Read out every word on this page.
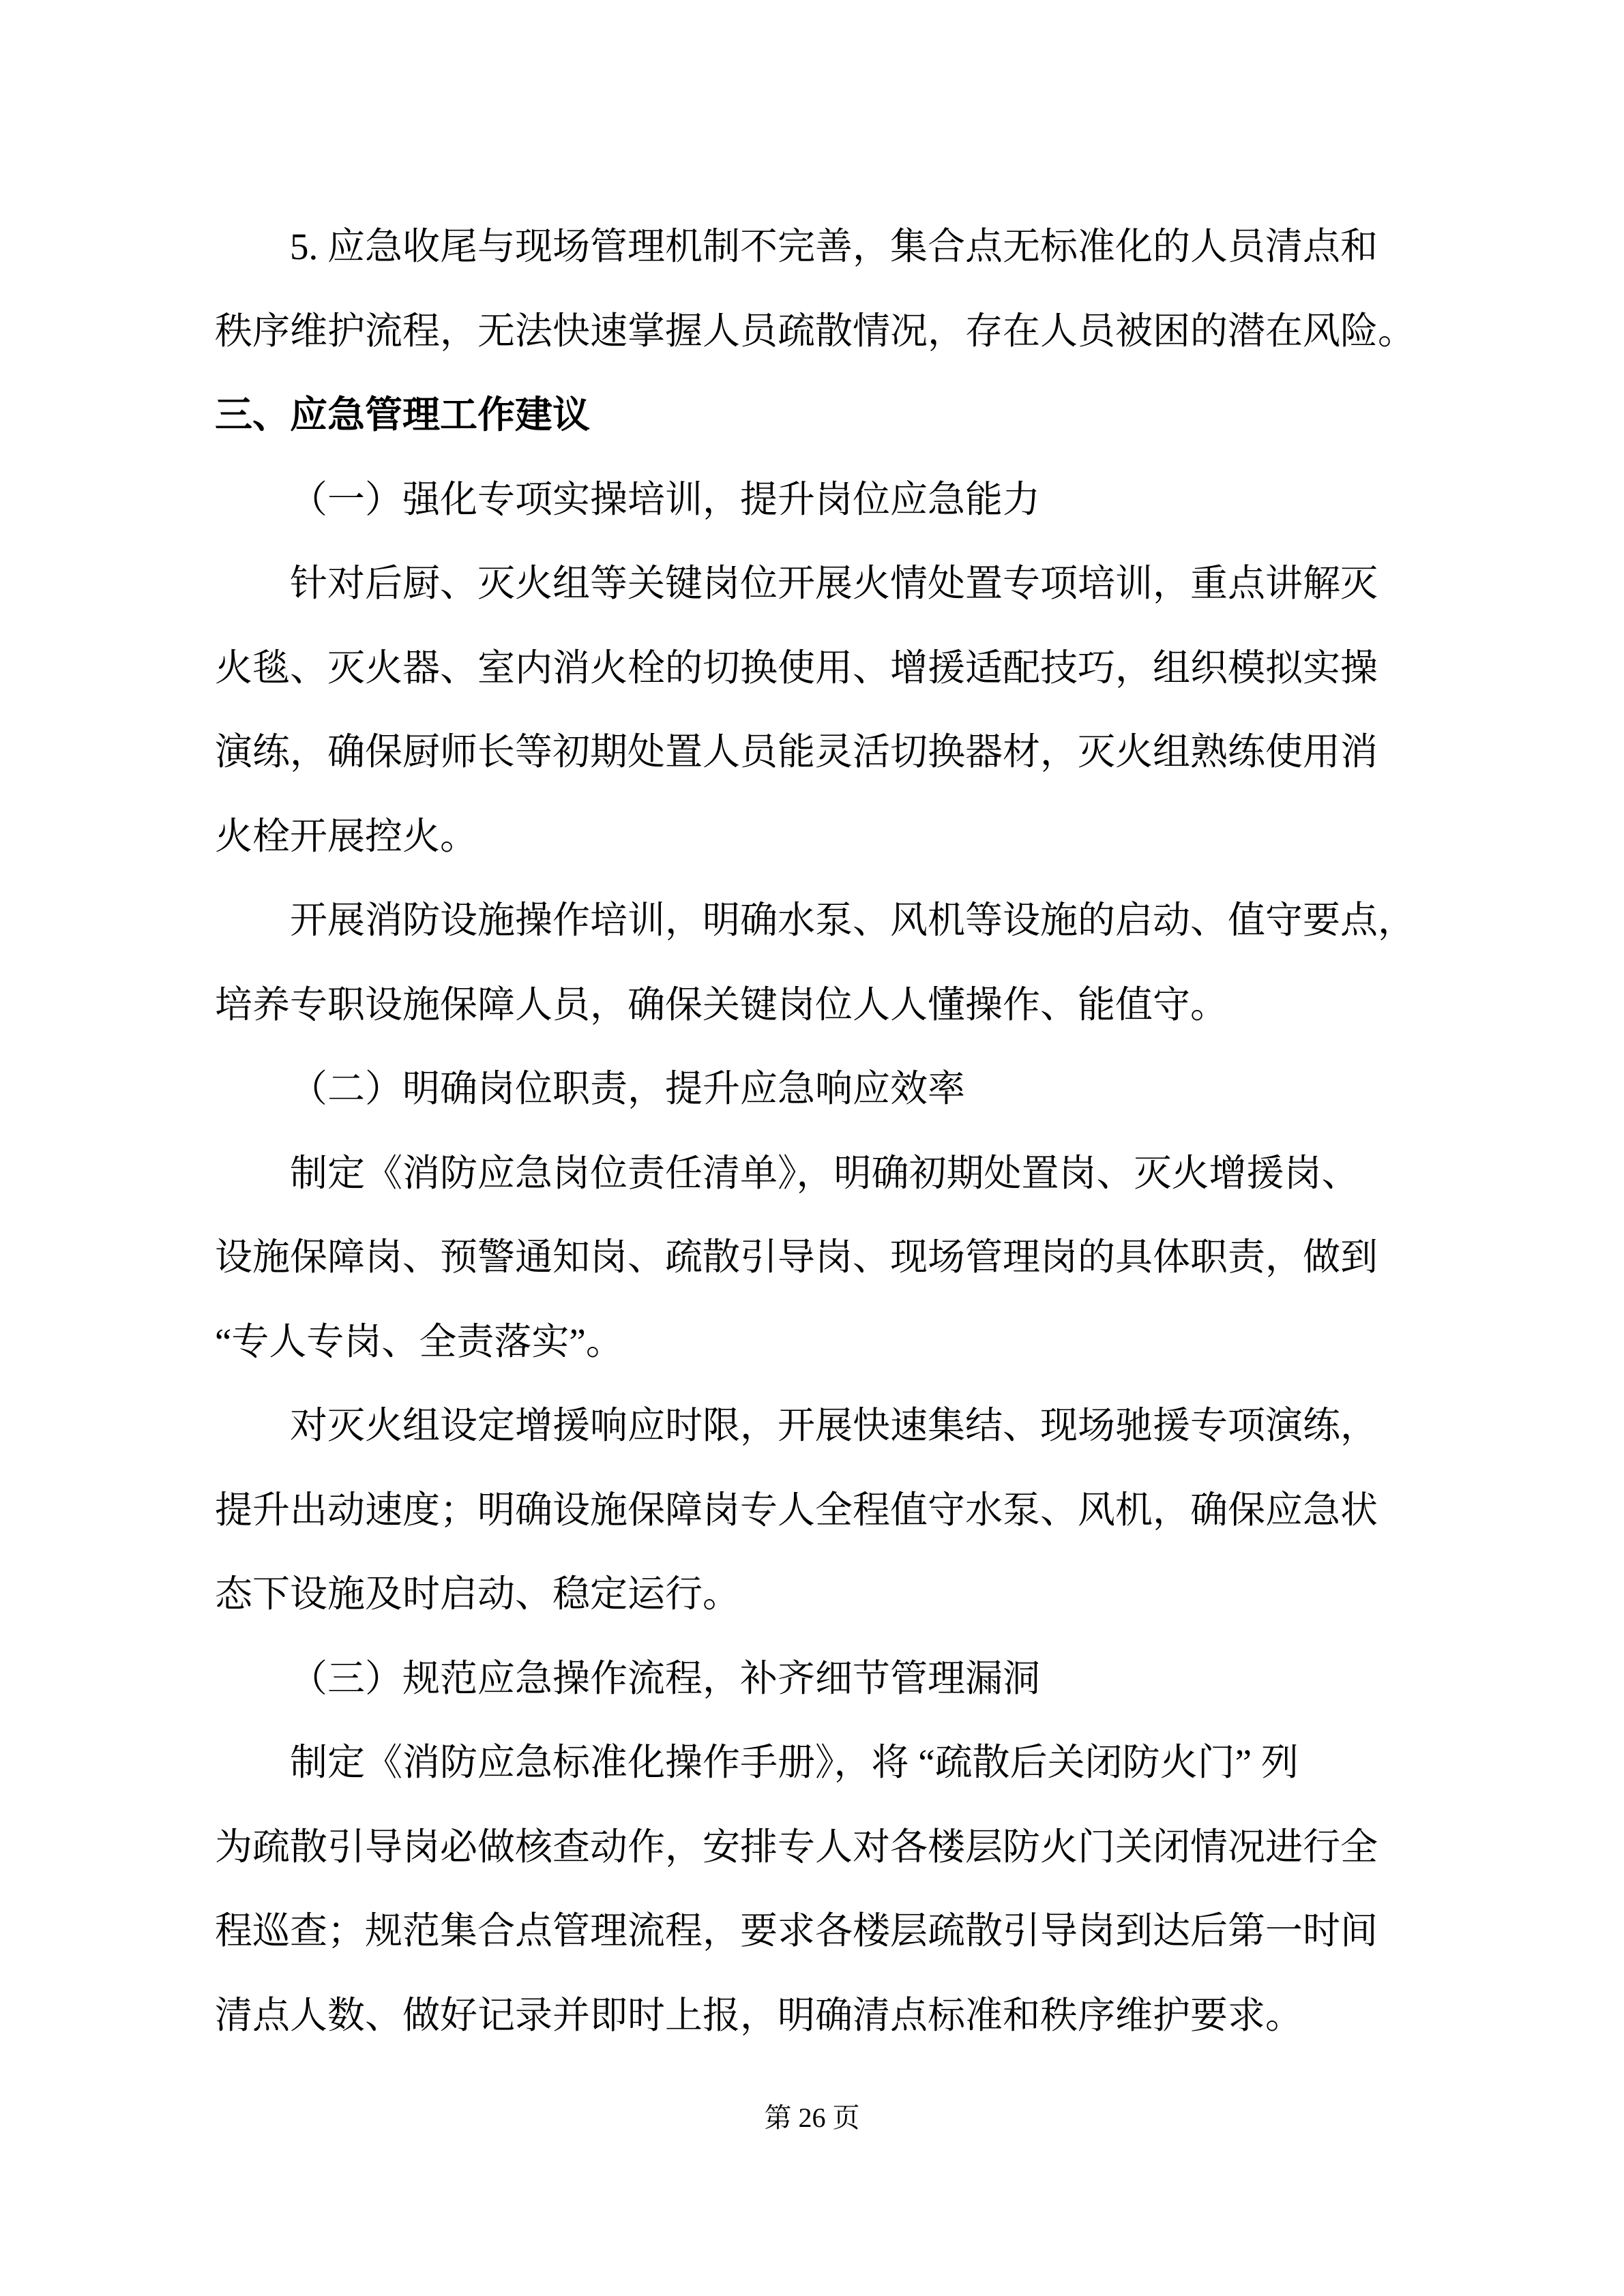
5. 应急收尾与现场管理机制不完善，集合点无标准化的人员清点和
秩序维护流程，无法快速掌握人员疏散情况，存在人员被困的潜在风险。
三、应急管理工作建议
（一）强化专项实操培训，提升岗位应急能力
针对后厨、灭火组等关键岗位开展火情处置专项培训，重点讲解灭
火毯、灭火器、室内消火栓的切换使用、增援适配技巧，组织模拟实操
演练，确保厨师长等初期处置人员能灵活切换器材，灭火组熟练使用消
火栓开展控火。
开展消防设施操作培训，明确水泵、风机等设施的启动、值守要点，
培养专职设施保障人员，确保关键岗位人人懂操作、能值守。
（二）明确岗位职责，提升应急响应效率
制定《消防应急岗位责任清单》，明确初期处置岗、灭火增援岗、
设施保障岗、预警通知岗、疏散引导岗、现场管理岗的具体职责，做到
“专人专岗、全责落实”。
对灭火组设定增援响应时限，开展快速集结、现场驰援专项演练，
提升出动速度；明确设施保障岗专人全程值守水泵、风机，确保应急状
态下设施及时启动、稳定运行。
（三）规范应急操作流程，补齐细节管理漏洞
制定《消防应急标准化操作手册》，将 “疏散后关闭防火门” 列
为疏散引导岗必做核查动作，安排专人对各楼层防火门关闭情况进行全
程巡查；规范集合点管理流程，要求各楼层疏散引导岗到达后第一时间
清点人数、做好记录并即时上报，明确清点标准和秩序维护要求。
第 26 页
